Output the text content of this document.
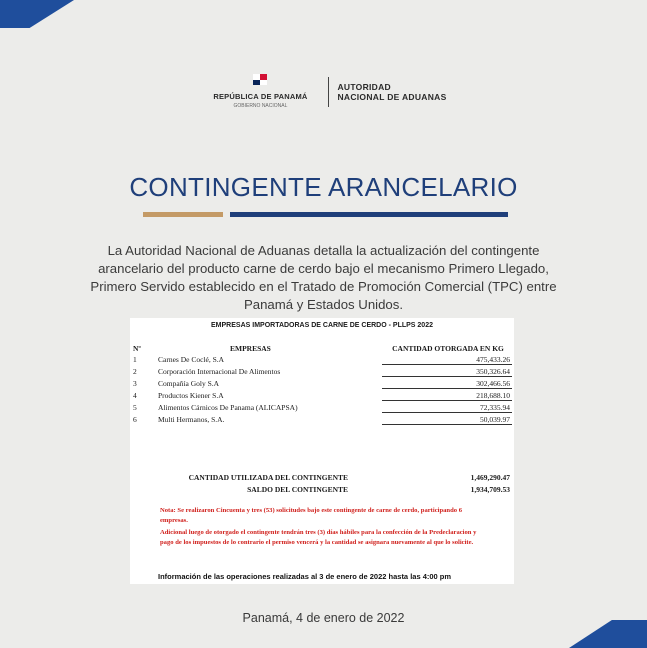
REPÚBLICA DE PANAMÁ
GOBIERNO NACIONAL
AUTORIDAD
NACIONAL DE ADUANAS
CONTINGENTE ARANCELARIO
La Autoridad Nacional de Aduanas detalla la actualización del contingente arancelario del producto carne de cerdo bajo el mecanismo Primero Llegado, Primero Servido establecido en el Tratado de Promoción Comercial (TPC) entre Panamá y Estados Unidos.
EMPRESAS IMPORTADORAS DE CARNE DE CERDO - PLLPS 2022
Nº	EMPRESAS	CANTIDAD OTORGADA EN KG
1	Carnes De Coclé, S.A	475,433.26
2	Corporación Internacional De Alimentos	350,326.64
3	Compañía Goly S.A	302,466.56
4	Productos Kiener S.A	218,688.10
5	Alimentos Cárnicos De Panama (ALICAPSA)	72,335.94
6	Multi Hermanos, S.A.	50,039.97
CANTIDAD UTILIZADA DEL CONTINGENTE	1,469,290.47
SALDO DEL CONTINGENTE	1,934,709.53
Nota: Se realizaron Cincuenta y tres (53) solicitudes bajo este contingente de carne de cerdo, participando 6 empresas.
Adicional luego de otorgado el contingente tendrán tres (3) días hábiles para la confección de la Predeclaracion y pago de los impuestos de lo contrario el permiso vencerá y la cantidad se asignara nuevamente al que lo solicite.
Información de las operaciones realizadas al 3 de enero de 2022 hasta las 4:00 pm
Panamá, 4 de enero de 2022
